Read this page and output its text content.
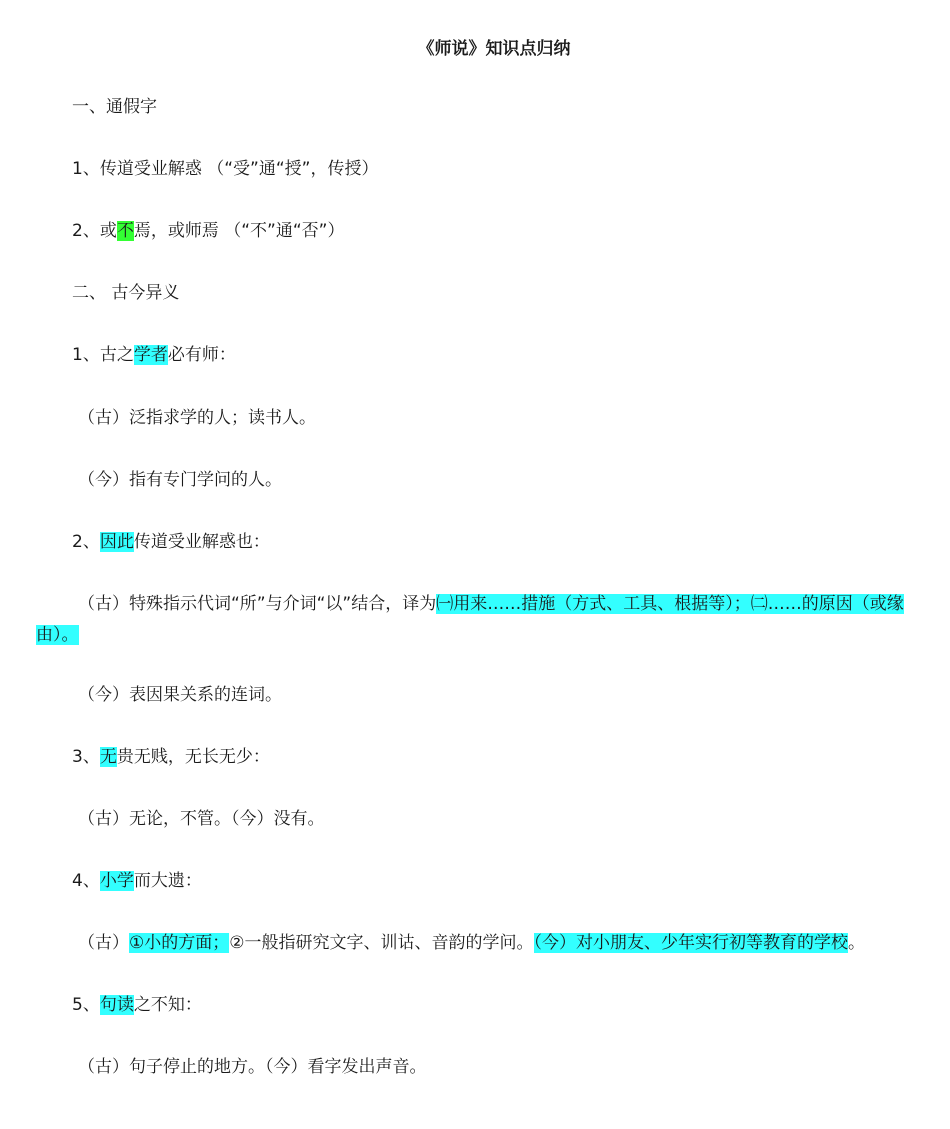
《师说》知识点归纳
一、通假字
1、传道受业解惑 （“受”通“授”，传授）
2、或不焉，或师焉 （“不”通“否”）
二、 古今异义
1、古之学者必有师：
（古）泛指求学的人；读书人。
（今）指有专门学问的人。
2、因此传道受业解惑也：
（古）特殊指示代词“所”与介词“以”结合，译为㈠用来……措施（方式、工具、根据等）；㈡……的原因（或缘由）。
（今）表因果关系的连词。
3、无贵无贱，无长无少：
（古）无论，不管。（今）没有。
4、小学而大遗：
（古）①小的方面；②一般指研究文字、训诂、音韵的学问。（今）对小朋友、少年实行初等教育的学校。
5、句读之不知：
（古）句子停止的地方。（今）看字发出声音。
